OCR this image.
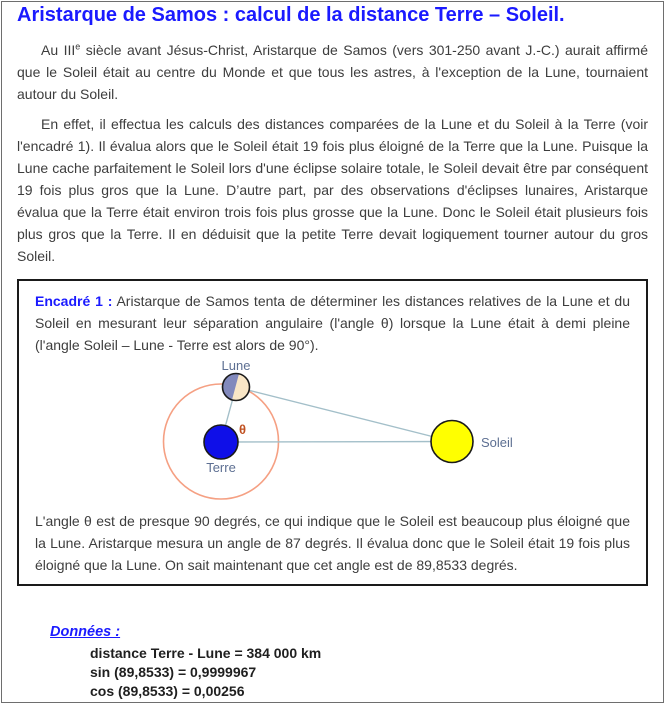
Aristarque de Samos : calcul de la distance Terre – Soleil.

Au IIIe siècle avant Jésus-Christ, Aristarque de Samos (vers 301-250 avant J.-C.) aurait affirmé que le Soleil était au centre du Monde et que tous les astres, à l'exception de la Lune, tournaient autour du Soleil.

En effet, il effectua les calculs des distances comparées de la Lune et du Soleil à la Terre (voir l'encadré 1). Il évalua alors que le Soleil était 19 fois plus éloigné de la Terre que la Lune. Puisque la Lune cache parfaitement le Soleil lors d'une éclipse solaire totale, le Soleil devait être par conséquent 19 fois plus gros que la Lune. D’autre part, par des observations d'éclipses lunaires, Aristarque évalua que la Terre était environ trois fois plus grosse que la Lune. Donc le Soleil était plusieurs fois plus gros que la Terre. Il en déduisit que la petite Terre devait logiquement tourner autour du gros Soleil.

Encadré 1 : Aristarque de Samos tenta de déterminer les distances relatives de la Lune et du Soleil en mesurant leur séparation angulaire (l'angle θ) lorsque la Lune était à demi pleine (l'angle Soleil – Lune - Terre est alors de 90°).

Lune
Terre
Soleil
θ

L'angle θ est de presque 90 degrés, ce qui indique que le Soleil est beaucoup plus éloigné que la Lune. Aristarque mesura un angle de 87 degrés. Il évalua donc que le Soleil était 19 fois plus éloigné que la Lune. On sait maintenant que cet angle est de 89,8533 degrés.

Données :

distance Terre - Lune = 384 000 km

sin (89,8533) = 0,9999967

cos (89,8533) = 0,00256
